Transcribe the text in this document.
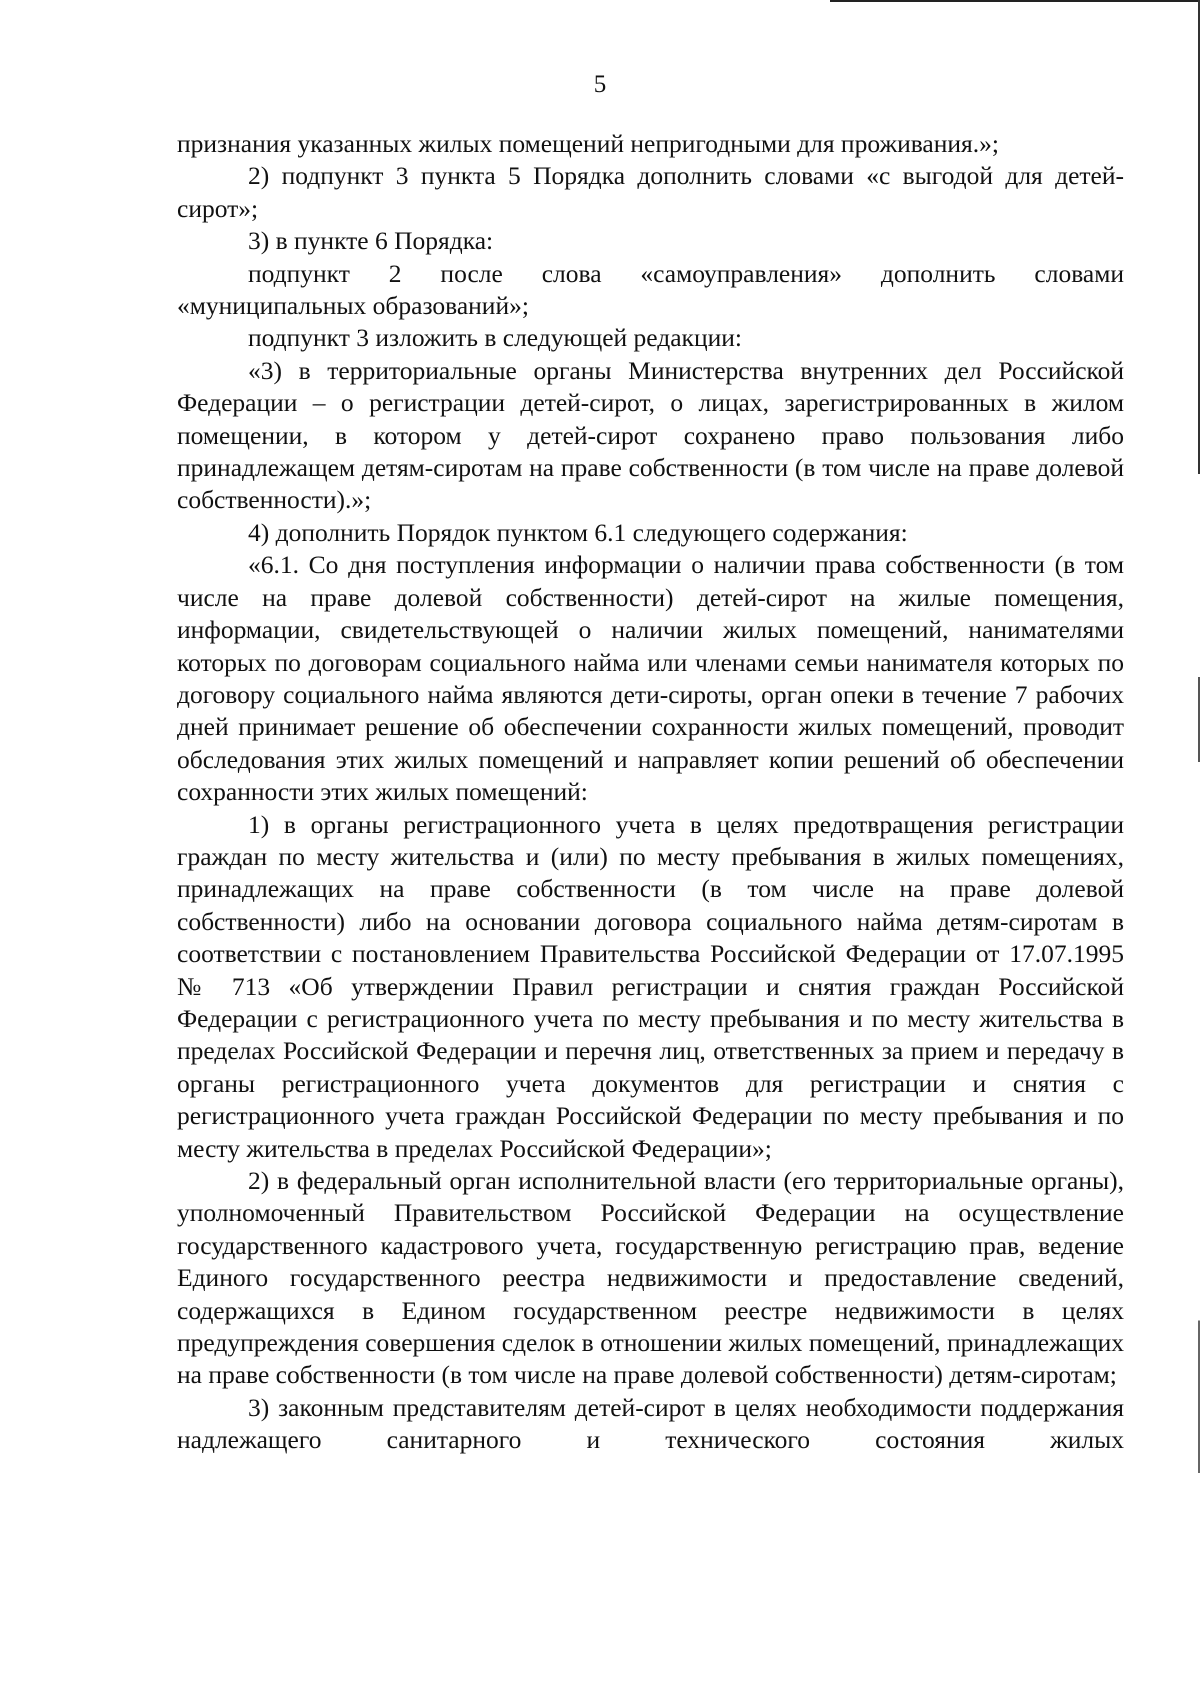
5

признания указанных жилых помещений непригодными для проживания.»;

2) подпункт 3 пункта 5 Порядка дополнить словами «с выгодой для детей-сирот»;

3) в пункте 6 Порядка:

подпункт 2 после слова «самоуправления» дополнить словами «муниципальных образований»;

подпункт 3 изложить в следующей редакции:

«3) в территориальные органы Министерства внутренних дел Российской Федерации – о регистрации детей-сирот, о лицах, зарегистрированных в жилом помещении, в котором у детей-сирот сохранено право пользования либо принадлежащем детям-сиротам на праве собственности (в том числе на праве долевой собственности).»;

4) дополнить Порядок пунктом 6.1 следующего содержания:

«6.1. Со дня поступления информации о наличии права собственности (в том числе на праве долевой собственности) детей-сирот на жилые помещения, информации, свидетельствующей о наличии жилых помещений, нанимателями которых по договорам социального найма или членами семьи нанимателя которых по договору социального найма являются дети-сироты, орган опеки в течение 7 рабочих дней принимает решение об обеспечении сохранности жилых помещений, проводит обследования этих жилых помещений и направляет копии решений об обеспечении сохранности этих жилых помещений:

1) в органы регистрационного учета в целях предотвращения регистрации граждан по месту жительства и (или) по месту пребывания в жилых помещениях, принадлежащих на праве собственности (в том числе на праве долевой собственности) либо на основании договора социального найма детям-сиротам в соответствии с постановлением Правительства Российской Федерации от 17.07.1995 № 713 «Об утверждении Правил регистрации и снятия граждан Российской Федерации с регистрационного учета по месту пребывания и по месту жительства в пределах Российской Федерации и перечня лиц, ответственных за прием и передачу в органы регистрационного учета документов для регистрации и снятия с регистрационного учета граждан Российской Федерации по месту пребывания и по месту жительства в пределах Российской Федерации»;

2) в федеральный орган исполнительной власти (его территориальные органы), уполномоченный Правительством Российской Федерации на осуществление государственного кадастрового учета, государственную регистрацию прав, ведение Единого государственного реестра недвижимости и предоставление сведений, содержащихся в Едином государственном реестре недвижимости в целях предупреждения совершения сделок в отношении жилых помещений, принадлежащих на праве собственности (в том числе на праве долевой собственности) детям-сиротам;

3) законным представителям детей-сирот в целях необходимости поддержания надлежащего санитарного и технического состояния жилых
